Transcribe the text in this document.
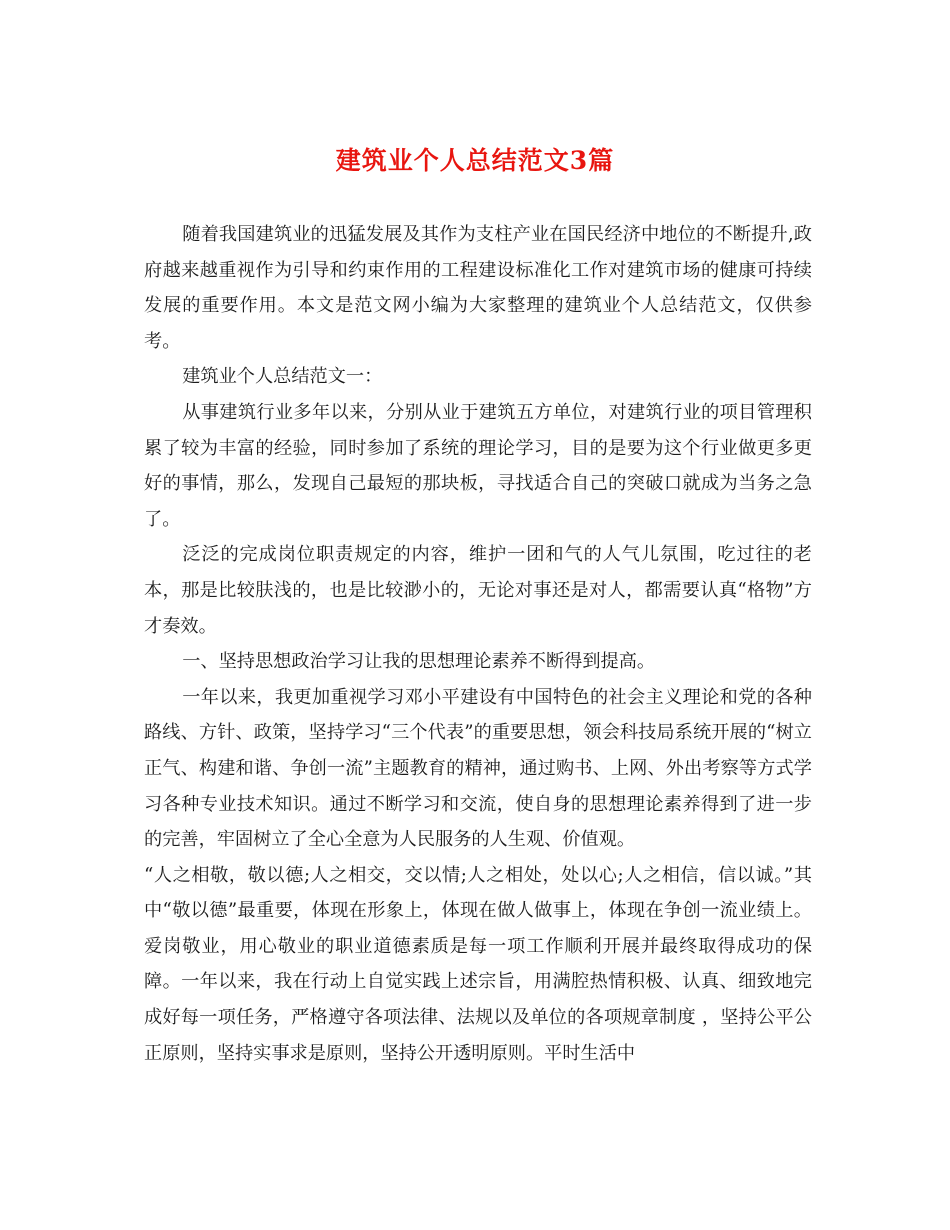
建筑业个人总结范文3篇

随着我国建筑业的迅猛发展及其作为支柱产业在国民经济中地位的不断提升,政府越来越重视作为引导和约束作用的工程建设标准化工作对建筑市场的健康可持续发展的重要作用。本文是范文网小编为大家整理的建筑业个人总结范文，仅供参考。

建筑业个人总结范文一：

从事建筑行业多年以来，分别从业于建筑五方单位，对建筑行业的项目管理积累了较为丰富的经验，同时参加了系统的理论学习，目的是要为这个行业做更多更好的事情，那么，发现自己最短的那块板，寻找适合自己的突破口就成为当务之急了。

泛泛的完成岗位职责规定的内容，维护一团和气的人气儿氛围，吃过往的老本，那是比较肤浅的，也是比较渺小的，无论对事还是对人，都需要认真“格物”方才奏效。

一、坚持思想政治学习让我的思想理论素养不断得到提高。

一年以来，我更加重视学习邓小平建设有中国特色的社会主义理论和党的各种路线、方针、政策，坚持学习“三个代表”的重要思想，领会科技局系统开展的“树立正气、构建和谐、争创一流”主题教育的精神，通过购书、上网、外出考察等方式学习各种专业技术知识。通过不断学习和交流，使自身的思想理论素养得到了进一步的完善，牢固树立了全心全意为人民服务的人生观、价值观。

“人之相敬，敬以德;人之相交，交以情;人之相处，处以心;人之相信，信以诚。”其中“敬以德”最重要，体现在形象上，体现在做人做事上，体现在争创一流业绩上。爱岗敬业，用心敬业的职业道德素质是每一项工作顺利开展并最终取得成功的保障。一年以来，我在行动上自觉实践上述宗旨，用满腔热情积极、认真、细致地完成好每一项任务，严格遵守各项法律、法规以及单位的各项规章制度 ，坚持公平公正原则，坚持实事求是原则，坚持公开透明原则。平时生活中
